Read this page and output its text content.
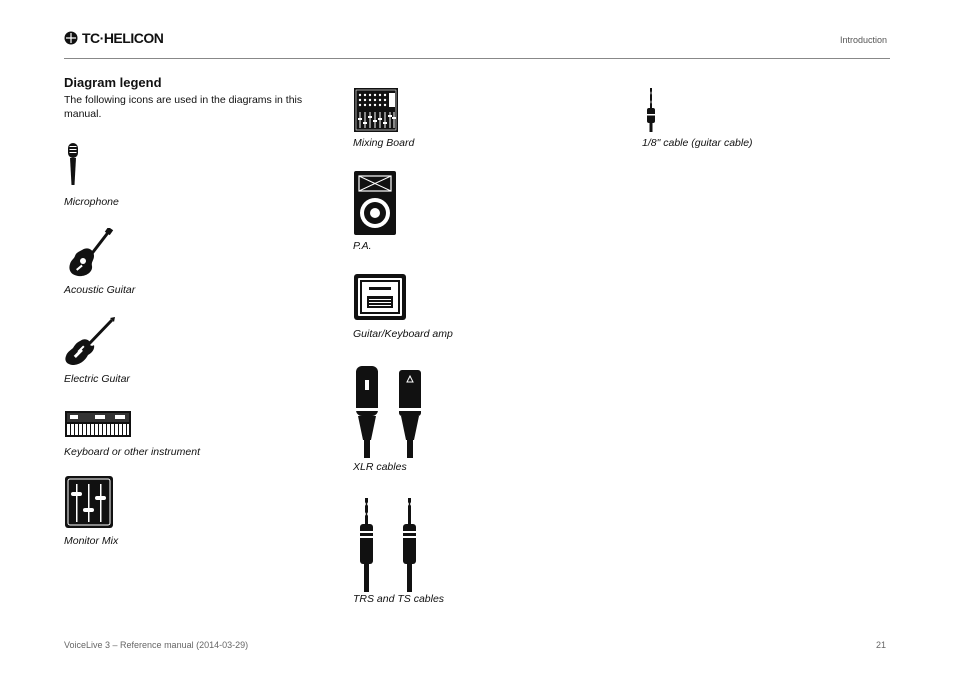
TC·HELICON	Introduction
Diagram legend
The following icons are used in the diagrams in this manual.
Microphone
Acoustic Guitar
Electric Guitar
Keyboard or other instrument
Monitor Mix
Mixing Board
P.A.
Guitar/Keyboard amp
XLR cables
TRS and TS cables
1/8" cable (guitar cable)
VoiceLive 3 – Reference manual (2014-03-29)	21
